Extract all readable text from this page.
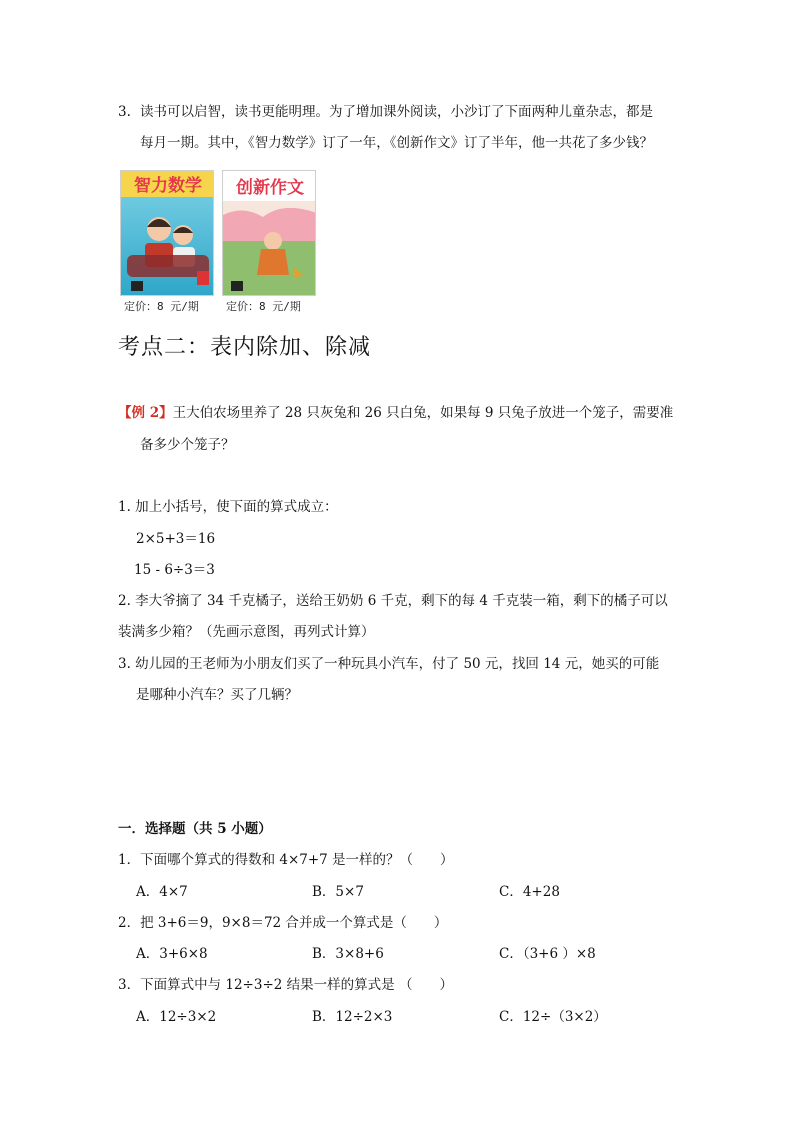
3. 读书可以启智，读书更能明理。为了增加课外阅读，小沙订了下面两种儿童杂志，都是
每月一期。其中，《智力数学》订了一年，《创新作文》订了半年，他一共花了多少钱？
智力数学 创新作文
定价：8 元/期 定价：8 元/期
考点二：表内除加、除减
【例 2】王大伯农场里养了 28 只灰兔和 26 只白兔，如果每 9 只兔子放进一个笼子，需要准
备多少个笼子？
1. 加上小括号，使下面的算式成立：
2×5+3＝16
15 - 6÷3＝3
2. 李大爷摘了 34 千克橘子，送给王奶奶 6 千克，剩下的每 4 千克装一箱，剩下的橘子可以
装满多少箱？（先画示意图，再列式计算）
3. 幼儿园的王老师为小朋友们买了一种玩具小汽车，付了 50 元，找回 14 元，她买的可能
是哪种小汽车？买了几辆？
一．选择题（共 5 小题）
1．下面哪个算式的得数和 4×7+7 是一样的？（　　）
A．4×7	B．5×7	C．4+28
2．把 3+6＝9，9×8＝72 合并成一个算式是（　　）
A．3+6×8	B．3×8+6	C．（3+6 ）×8
3．下面算式中与 12÷3÷2 结果一样的算式是 （　　）
A．12÷3×2	B．12÷2×3	C．12÷（3×2）
